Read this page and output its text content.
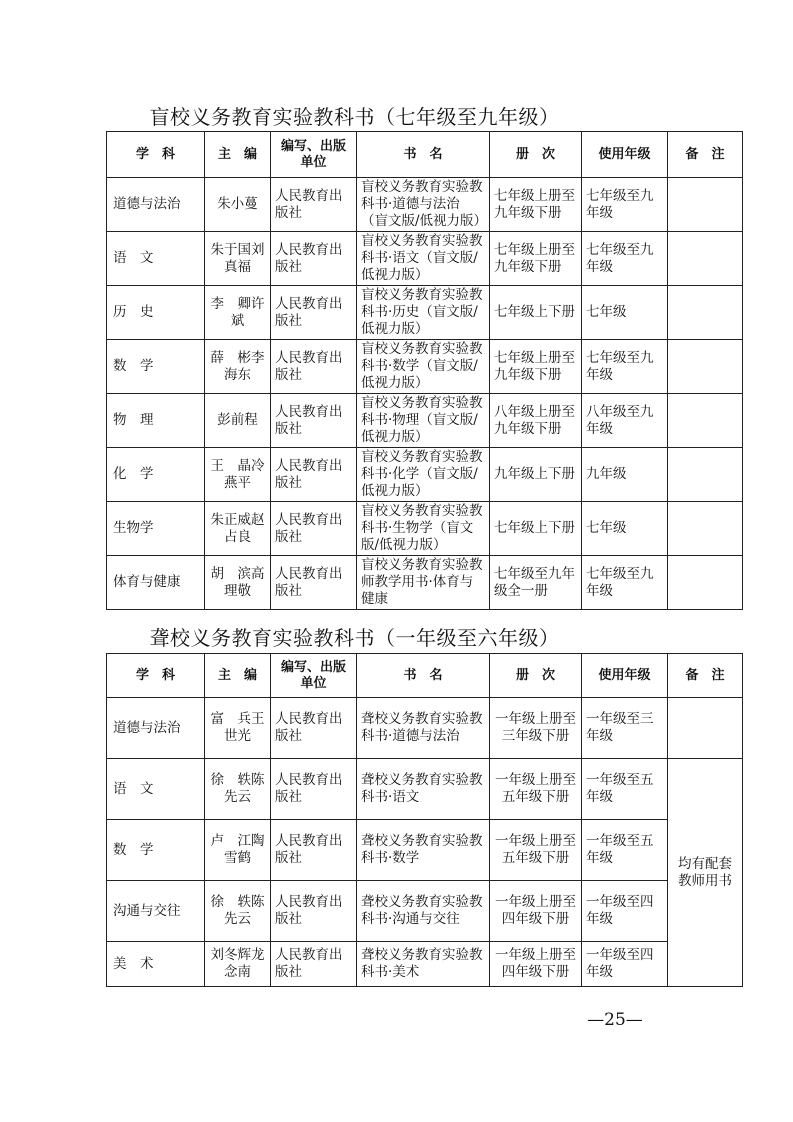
盲校义务教育实验教科书（七年级至九年级）
学　科	主　编	编写、出版单位	书　名	册　次	使用年级	备　注
道德与法治	朱小蔓	人民教育出版社	盲校义务教育实验教科书·道德与法治（盲文版/低视力版）	七年级上册至九年级下册	七年级至九年级	
语　文	朱于国刘真福	人民教育出版社	盲校义务教育实验教科书·语文（盲文版/低视力版）	七年级上册至九年级下册	七年级至九年级	
历　史	李　卿许　斌	人民教育出版社	盲校义务教育实验教科书·历史（盲文版/低视力版）	七年级上下册	七年级	
数　学	薛　彬李海东	人民教育出版社	盲校义务教育实验教科书·数学（盲文版/低视力版）	七年级上册至九年级下册	七年级至九年级	
物　理	彭前程	人民教育出版社	盲校义务教育实验教科书·物理（盲文版/低视力版）	八年级上册至九年级下册	八年级至九年级	
化　学	王　晶冷燕平	人民教育出版社	盲校义务教育实验教科书·化学（盲文版/低视力版）	九年级上下册	九年级	
生物学	朱正威赵占良	人民教育出版社	盲校义务教育实验教科书·生物学（盲文版/低视力版）	七年级上下册	七年级	
体育与健康	胡　滨高理敬	人民教育出版社	盲校义务教育实验教师教学用书·体育与健康	七年级至九年级全一册	七年级至九年级	
聋校义务教育实验教科书（一年级至六年级）
学　科	主　编	编写、出版单位	书　名	册　次	使用年级	备　注
道德与法治	富　兵王世光	人民教育出版社	聋校义务教育实验教科书·道德与法治	一年级上册至三年级下册	一年级至三年级	
语　文	徐　轶陈先云	人民教育出版社	聋校义务教育实验教科书·语文	一年级上册至五年级下册	一年级至五年级	均有配套教师用书
数　学	卢　江陶雪鹤	人民教育出版社	聋校义务教育实验教科书·数学	一年级上册至五年级下册	一年级至五年级	
沟通与交往	徐　轶陈先云	人民教育出版社	聋校义务教育实验教科书·沟通与交往	一年级上册至四年级下册	一年级至四年级	
美　术	刘冬辉龙念南	人民教育出版社	聋校义务教育实验教科书·美术	一年级上册至四年级下册	一年级至四年级	
—25—
